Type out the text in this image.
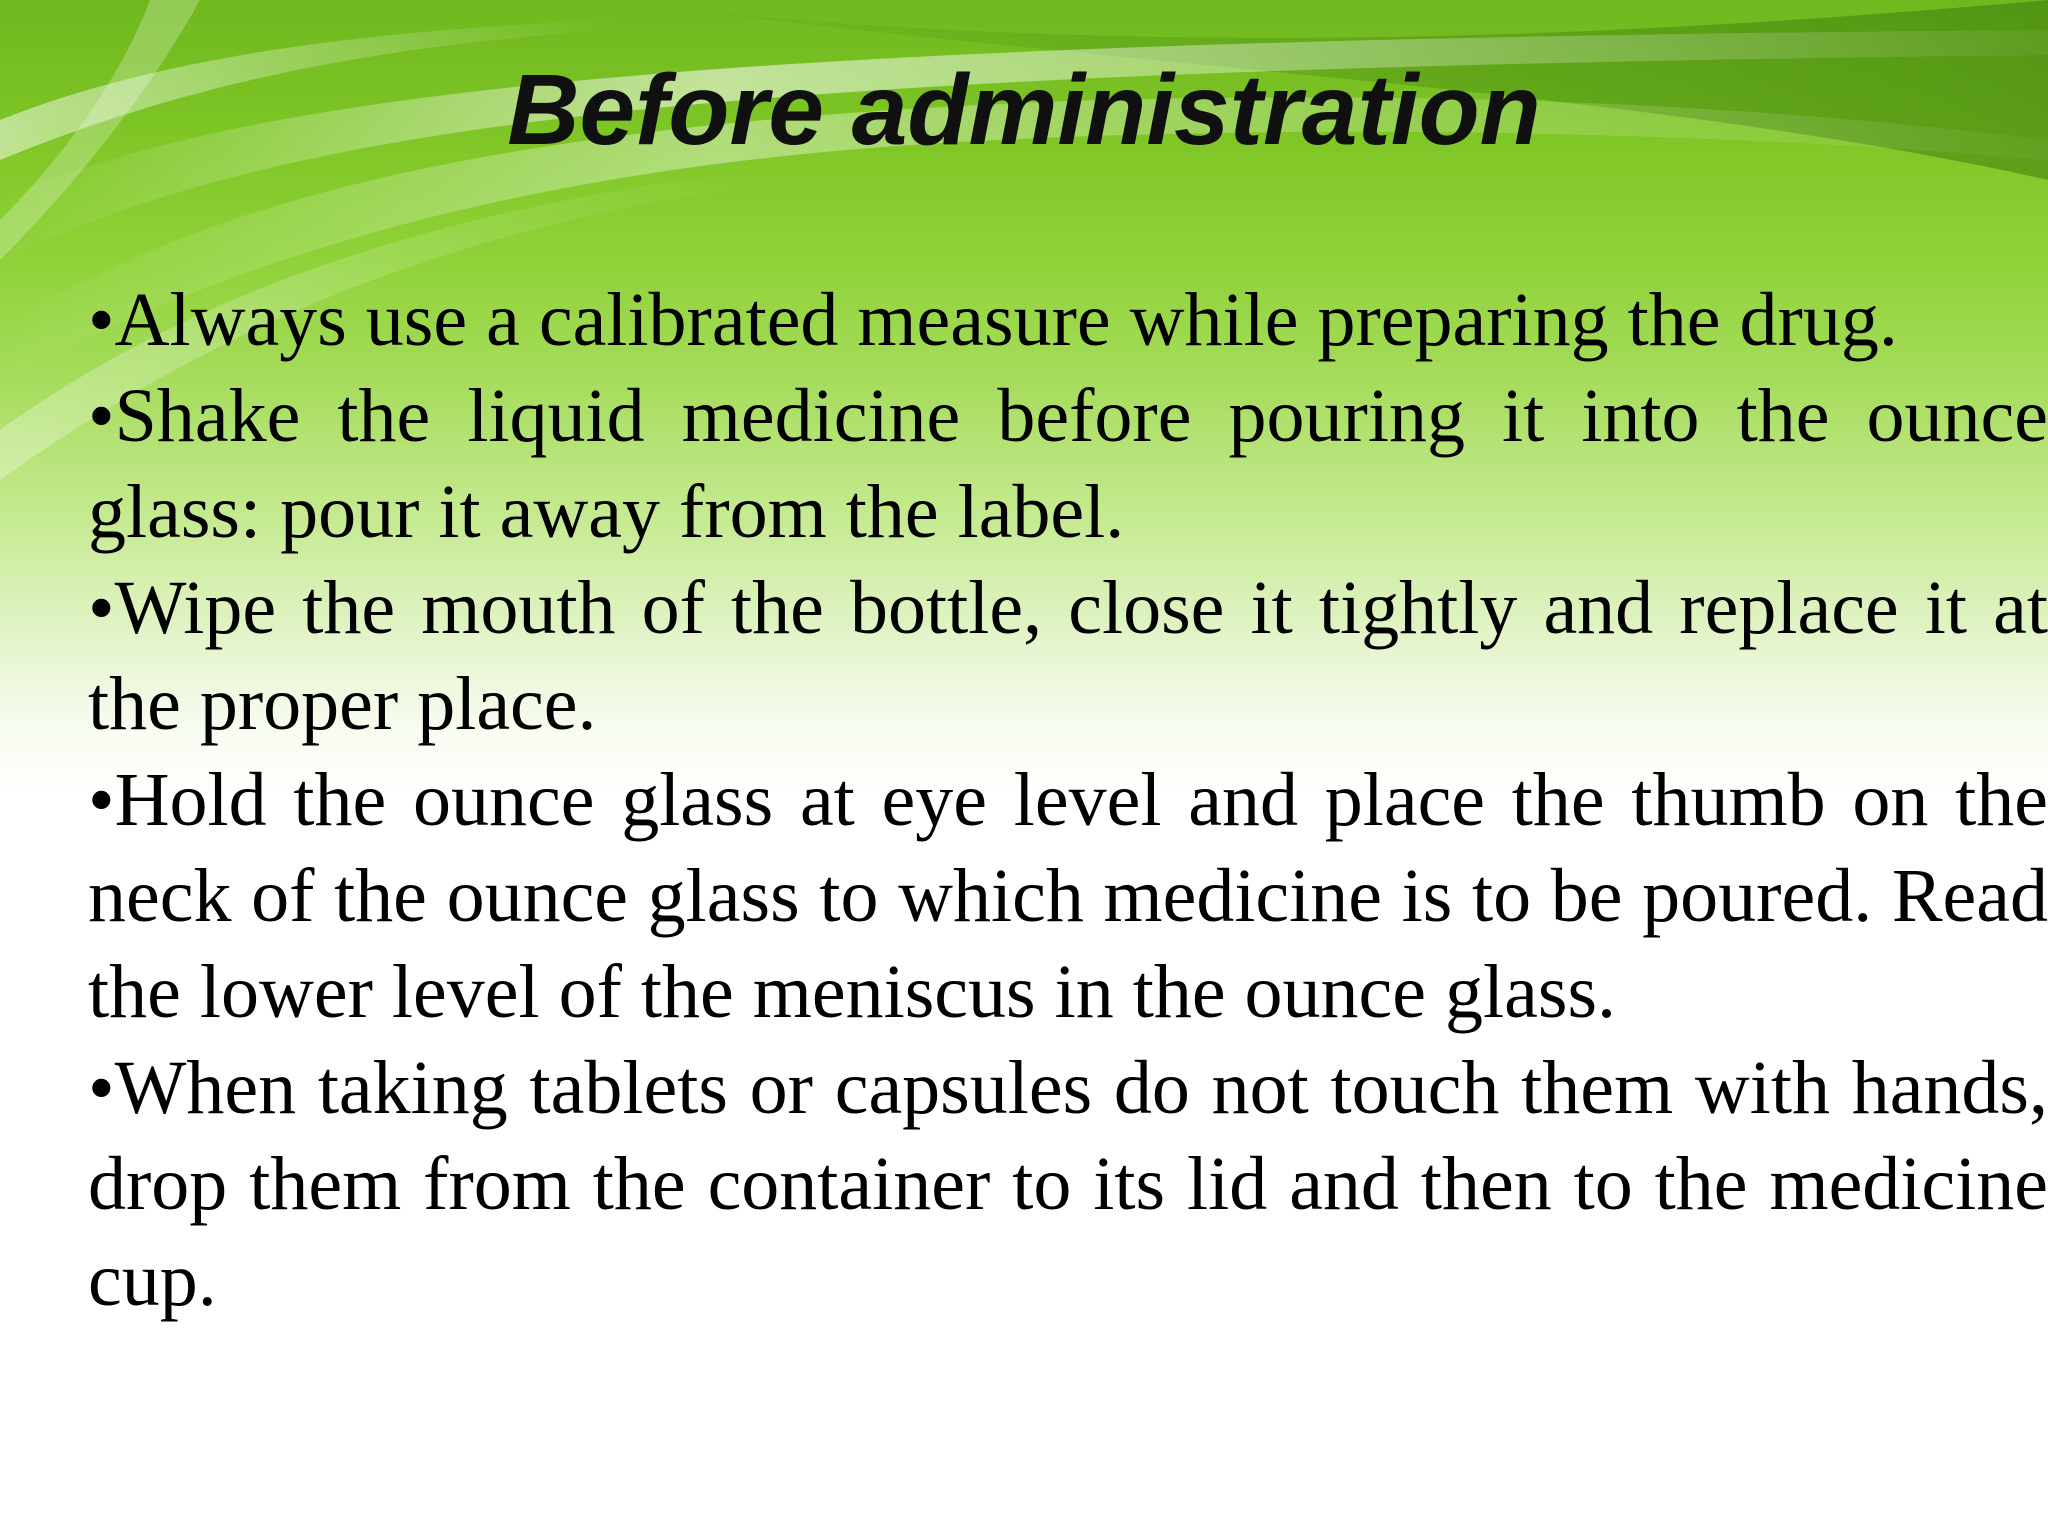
Before administration

•Always use a calibrated measure while preparing the drug.

•Shake the liquid medicine before pouring it into the ounce glass: pour it away from the label.

•Wipe the mouth of the bottle, close it tightly and replace it at the proper place.

•Hold the ounce glass at eye level and place the thumb on the neck of the ounce glass to which medicine is to be poured. Read the lower level of the meniscus in the ounce glass.

•When taking tablets or capsules do not touch them with hands, drop them from the container to its lid and then to the medicine cup.
